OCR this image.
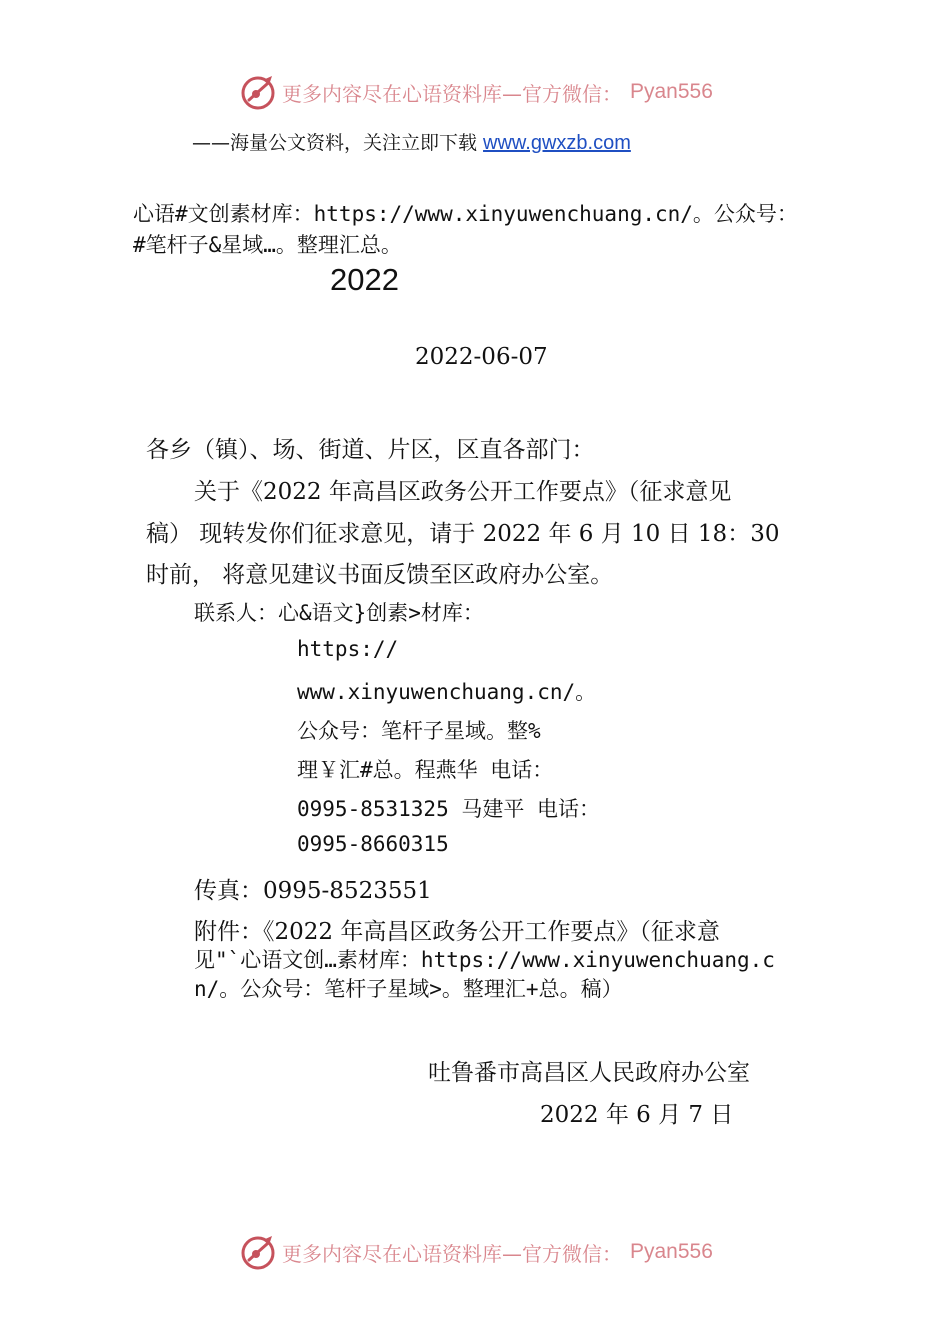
更多内容尽在心语资料库—官方微信： Pyan556
——海量公文资料，关注立即下载 www.gwxzb.com
心语#文创素材库：https://www.xinyuwenchuang.cn/。公众号：
#笔杆子&星域…。整理汇总。
2022
2022-06-07
各乡（镇）、场、街道、片区，区直各部门：
关于《2022 年高昌区政务公开工作要点》（征求意见
稿） 现转发你们征求意见，请于 2022 年 6 月 10 日 18：30
时前， 将意见建议书面反馈至区政府办公室。
联系人：心&语文}创素>材库：
https://
www.xinyuwenchuang.cn/。
公众号：笔杆子星域。整%
理￥汇#总。程燕华 电话：
0995-8531325 马建平 电话：
0995-8660315
传真：0995-8523551
附件：《2022 年高昌区政务公开工作要点》（征求意
见"`心语文创…素材库：https://www.xinyuwenchuang.c
n/。公众号：笔杆子星域>。整理汇+总。稿）
吐鲁番市高昌区人民政府办公室
2022 年 6 月 7 日
更多内容尽在心语资料库—官方微信： Pyan556
